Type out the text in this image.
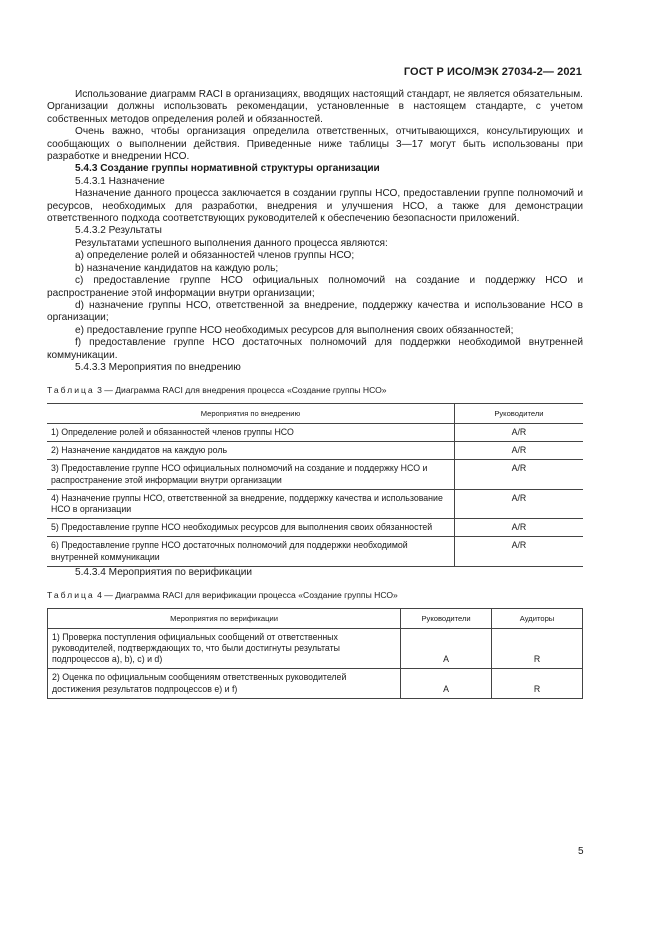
ГОСТ Р ИСО/МЭК 27034-2— 2021

Использование диаграмм RACI в организациях, вводящих настоящий стандарт, не является обязательным. Организации должны использовать рекомендации, установленные в настоящем стандарте, с учетом собственных методов определения ролей и обязанностей.

Очень важно, чтобы организация определила ответственных, отчитывающихся, консультирующих и сообщающих о выполнении действия. Приведенные ниже таблицы 3—17 могут быть использованы при разработке и внедрении НСО.

5.4.3 Создание группы нормативной структуры организации

5.4.3.1 Назначение

Назначение данного процесса заключается в создании группы НСО, предоставлении группе полномочий и ресурсов, необходимых для разработки, внедрения и улучшения НСО, а также для демонстрации ответственного подхода соответствующих руководителей к обеспечению безопасности приложений.

5.4.3.2 Результаты

Результатами успешного выполнения данного процесса являются:

a) определение ролей и обязанностей членов группы НСО;

b) назначение кандидатов на каждую роль;

c) предоставление группе НСО официальных полномочий на создание и поддержку НСО и распространение этой информации внутри организации;

d) назначение группы НСО, ответственной за внедрение, поддержку качества и использование НСО в организации;

e) предоставление группе НСО необходимых ресурсов для выполнения своих обязанностей;

f) предоставление группе НСО достаточных полномочий для поддержки необходимой внутренней коммуникации.

5.4.3.3 Мероприятия по внедрению

Таблица 3 — Диаграмма RACI для внедрения процесса «Создание группы НСО»
Мероприятия по внедрению	Руководители
1) Определение ролей и обязанностей членов группы НСО	A/R
2) Назначение кандидатов на каждую роль	A/R
3) Предоставление группе НСО официальных полномочий на создание и поддержку НСО и распространение этой информации внутри организации	A/R
4) Назначение группы НСО, ответственной за внедрение, поддержку качества и использование НСО в организации	A/R
5) Предоставление группе НСО необходимых ресурсов для выполнения своих обязанностей	A/R
6) Предоставление группе НСО достаточных полномочий для поддержки необходимой внутренней коммуникации	A/R

5.4.3.4 Мероприятия по верификации

Таблица 4 — Диаграмма RACI для верификации процесса «Создание группы НСО»
Мероприятия по верификации	Руководители	Аудиторы
1) Проверка поступления официальных сообщений от ответственных руководителей, подтверждающих то, что были достигнуты результаты подпроцессов a), b), c) и d)	A	R
2) Оценка по официальным сообщениям ответственных руководителей достижения результатов подпроцессов e) и f)	A	R
5
